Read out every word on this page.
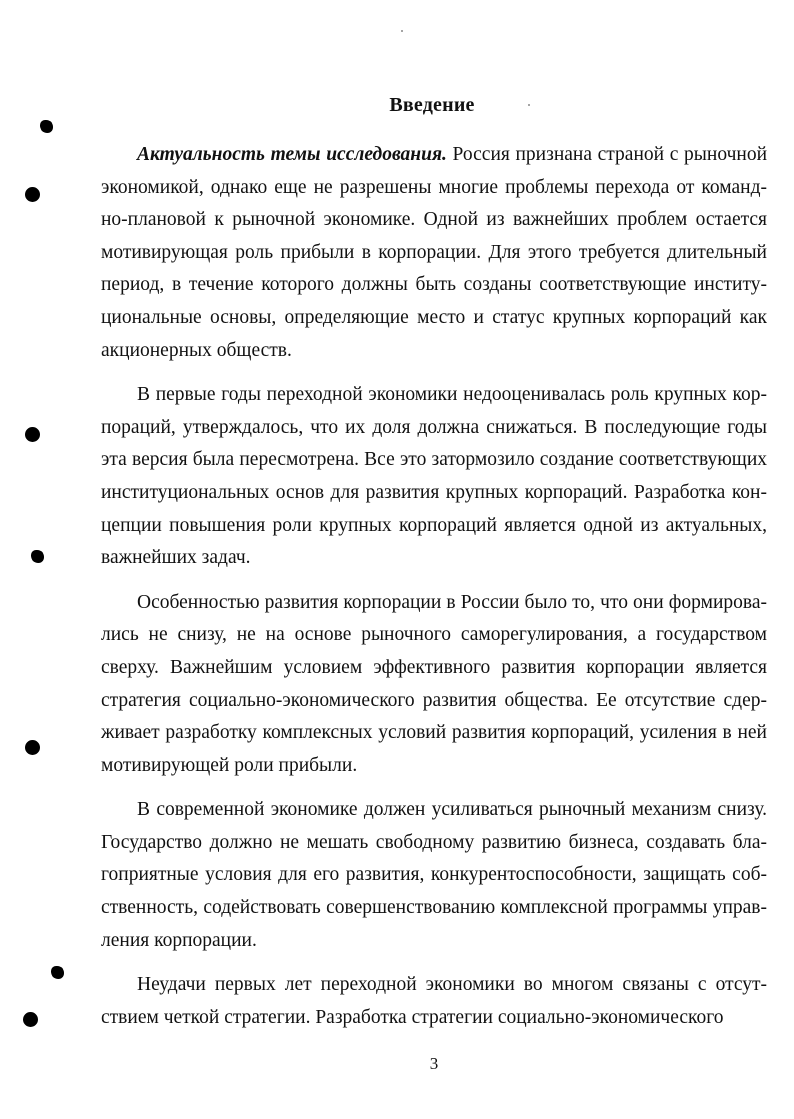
Введение

Актуальность темы исследования. Россия признана страной с рыночной экономикой, однако еще не разрешены многие проблемы перехода от командно-плановой к рыночной экономике. Одной из важнейших проблем остается мотивирующая роль прибыли в корпорации. Для этого требуется длительный период, в течение которого должны быть созданы соответствующие институциональные основы, определяющие место и статус крупных корпораций как акционерных обществ.

В первые годы переходной экономики недооценивалась роль крупных корпораций, утверждалось, что их доля должна снижаться. В последующие годы эта версия была пересмотрена. Все это затормозило создание соответствующих институциональных основ для развития крупных корпораций. Разработка концепции повышения роли крупных корпораций является одной из актуальных, важнейших задач.

Особенностью развития корпорации в России было то, что они формировались не снизу, не на основе рыночного саморегулирования, а государством сверху. Важнейшим условием эффективного развития корпорации является стратегия социально-экономического развития общества. Ее отсутствие сдерживает разработку комплексных условий развития корпораций, усиления в ней мотивирующей роли прибыли.

В современной экономике должен усиливаться рыночный механизм снизу. Государство должно не мешать свободному развитию бизнеса, создавать благоприятные условия для его развития, конкурентоспособности, защищать собственность, содействовать совершенствованию комплексной программы управления корпорации.

Неудачи первых лет переходной экономики во многом связаны с отсутствием четкой стратегии. Разработка стратегии социально-экономического

3
